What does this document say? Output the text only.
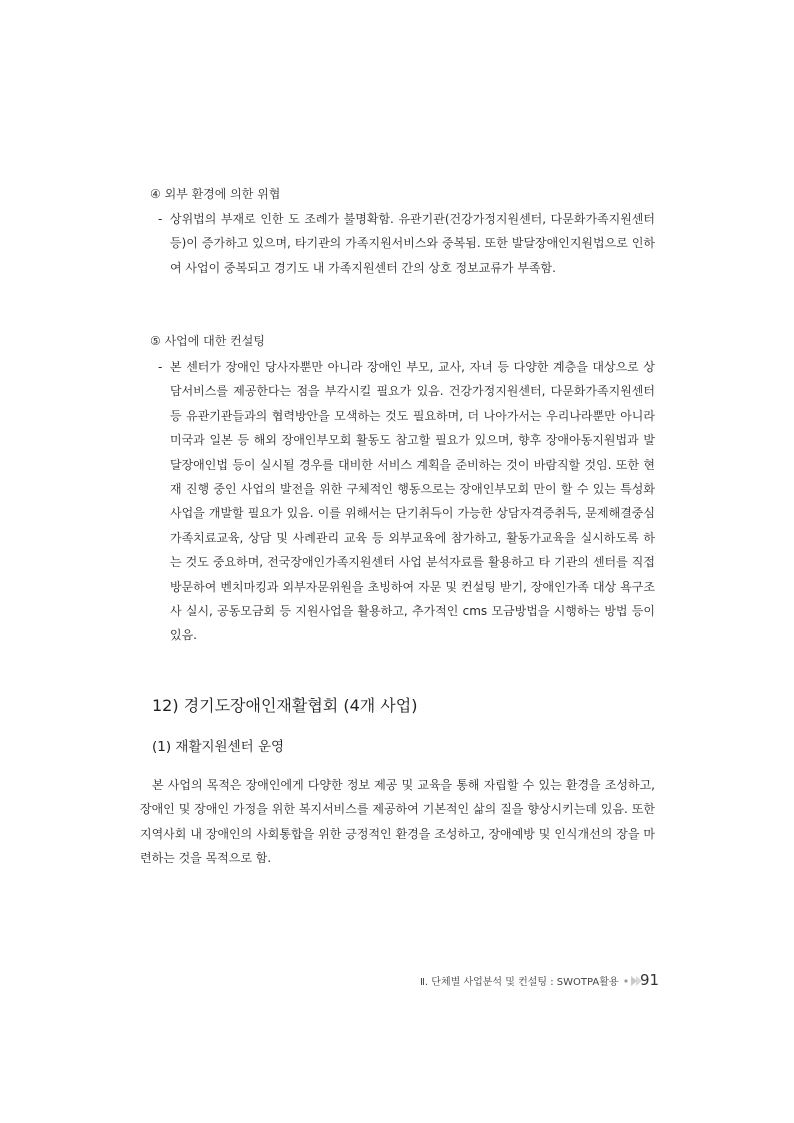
④ 외부 환경에 의한 위협
- 상위법의 부재로 인한 도 조례가 불명확함. 유관기관(건강가정지원센터, 다문화가족지원센터 등)이 증가하고 있으며, 타기관의 가족지원서비스와 중복됨. 또한 발달장애인지원법으로 인하여 사업이 중복되고 경기도 내 가족지원센터 간의 상호 정보교류가 부족함.
⑤ 사업에 대한 컨설팅
- 본 센터가 장애인 당사자뿐만 아니라 장애인 부모, 교사, 자녀 등 다양한 계층을 대상으로 상담서비스를 제공한다는 점을 부각시킬 필요가 있음. 건강가정지원센터, 다문화가족지원센터 등 유관기관들과의 협력방안을 모색하는 것도 필요하며, 더 나아가서는 우리나라뿐만 아니라 미국과 일본 등 해외 장애인부모회 활동도 참고할 필요가 있으며, 향후 장애아동지원법과 발달장애인법 등이 실시될 경우를 대비한 서비스 계획을 준비하는 것이 바람직할 것임. 또한 현재 진행 중인 사업의 발전을 위한 구체적인 행동으로는 장애인부모회 만이 할 수 있는 특성화사업을 개발할 필요가 있음. 이를 위해서는 단기취득이 가능한 상담자격증취득, 문제해결중심 가족치료교육, 상담 및 사례관리 교육 등 외부교육에 참가하고, 활동가교육을 실시하도록 하는 것도 중요하며, 전국장애인가족지원센터 사업 분석자료를 활용하고 타 기관의 센터를 직접 방문하여 벤치마킹과 외부자문위원을 초빙하여 자문 및 컨설팅 받기, 장애인가족 대상 욕구조사 실시, 공동모금회 등 지원사업을 활용하고, 추가적인 cms 모금방법을 시행하는 방법 등이 있음.
12) 경기도장애인재활협회 (4개 사업)
(1) 재활지원센터 운영
본 사업의 목적은 장애인에게 다양한 정보 제공 및 교육을 통해 자립할 수 있는 환경을 조성하고, 장애인 및 장애인 가정을 위한 복지서비스를 제공하여 기본적인 삶의 질을 향상시키는데 있음. 또한 지역사회 내 장애인의 사회통합을 위한 긍정적인 환경을 조성하고, 장애예방 및 인식개선의 장을 마련하는 것을 목적으로 함.
Ⅱ. 단체별 사업분석 및 컨설팅 : SWOTPA활용 91
